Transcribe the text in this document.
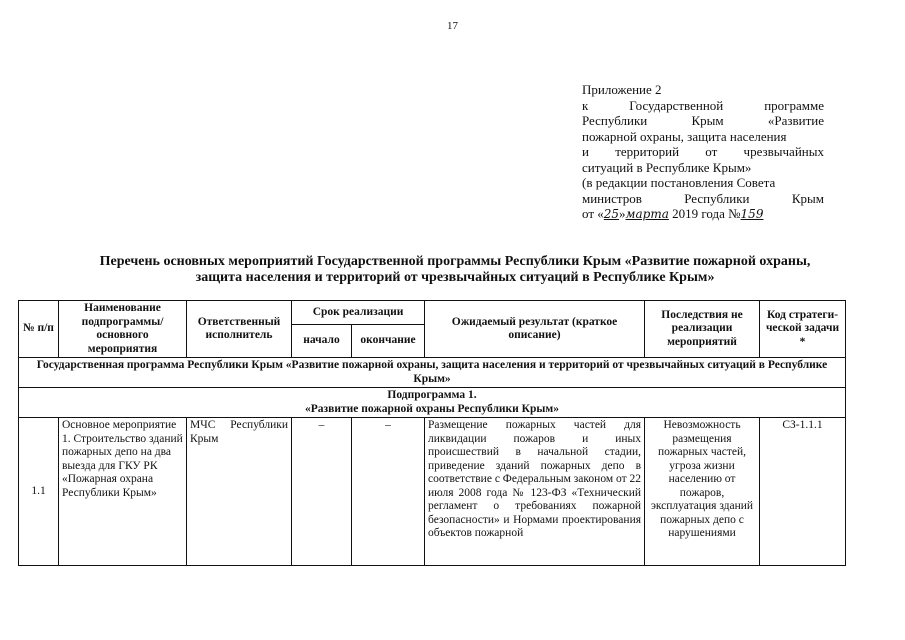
17
Приложение 2
к	Государственной	программе
Республики	Крым	«Развитие
пожарной охраны, защита населения
и территорий от чрезвычайных
ситуаций в Республике Крым»
(в редакции постановления Совета
министров	Республики	Крым
от «25»марта 2019 года №159
Перечень основных мероприятий Государственной программы Республики Крым «Развитие пожарной охраны,
защита населения и территорий от чрезвычайных ситуаций в Республике Крым»
№ п/п	Наименование подпрограммы/ основного мероприятия	Ответственный исполнитель	Срок реализации		Ожидаемый результат (краткое описание)	Последствия не реализации мероприятий	Код стратеги-ческой задачи *
			начало	окончание			
Государственная программа Республики Крым «Развитие пожарной охраны, защита населения и территорий от чрезвычайных ситуаций в Республике Крым»							

Подпрограмма 1.
«Развитие пожарной охраны Республики Крым»							

1.1	Основное мероприятие 1. Строительство зданий пожарных депо на два выезда для ГКУ РК «Пожарная охрана Республики Крым»	МЧС Республики Крым	–	–	Размещение пожарных частей для ликвидации пожаров и иных происшествий в начальной стадии, приведение зданий пожарных депо в соответствие с Федеральным законом от 22 июля 2008 года № 123-ФЗ «Технический регламент о требованиях пожарной безопасности» и Нормами проектирования объектов пожарной	Невозможность размещения пожарных частей, угроза жизни населению от пожаров, эксплуатация зданий пожарных депо с нарушениями	СЗ-1.1.1
